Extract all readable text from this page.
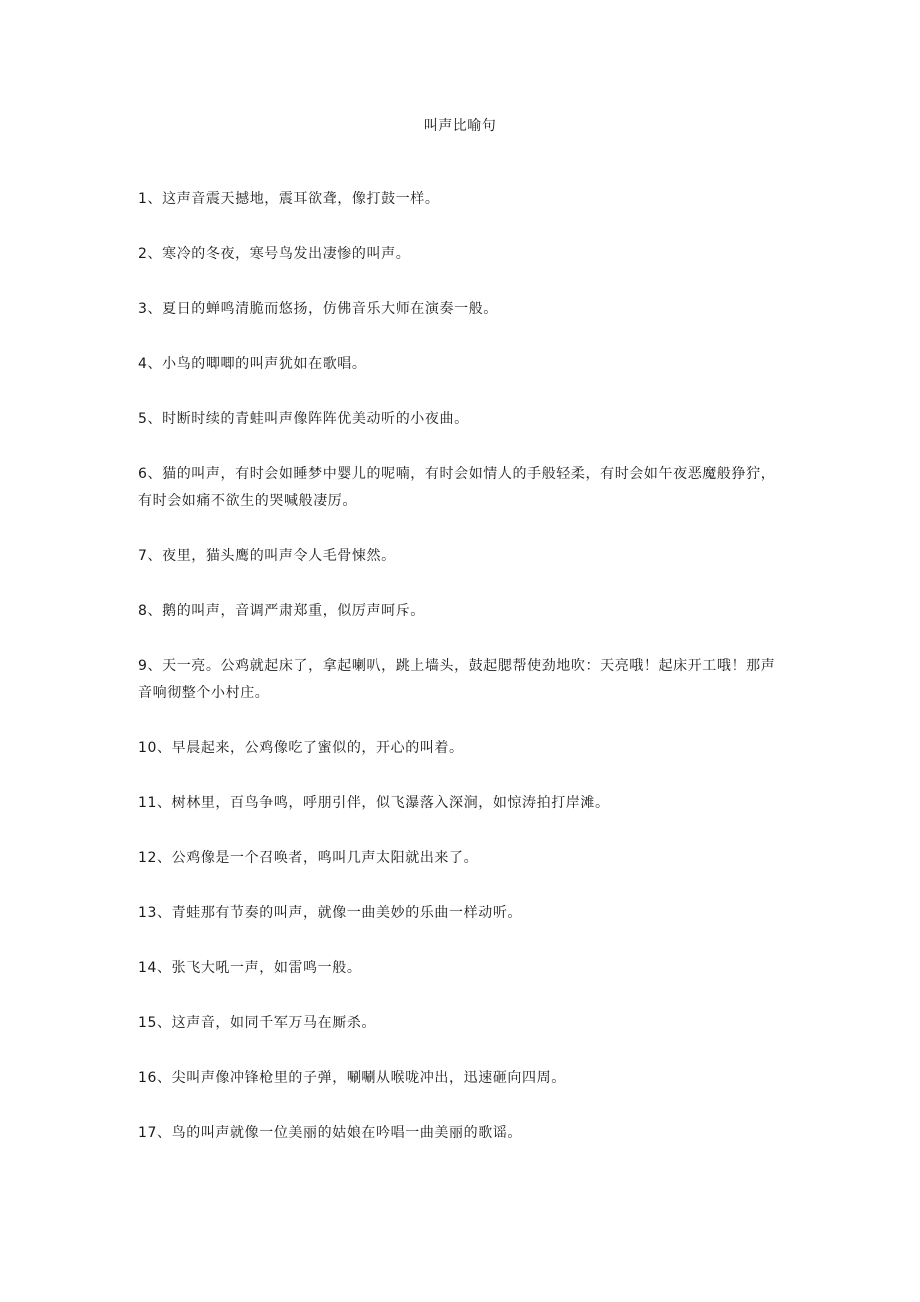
叫声比喻句
1、这声音震天撼地，震耳欲聋，像打鼓一样。
2、寒冷的冬夜，寒号鸟发出凄惨的叫声。
3、夏日的蝉鸣清脆而悠扬，仿佛音乐大师在演奏一般。
4、小鸟的唧唧的叫声犹如在歌唱。
5、时断时续的青蛙叫声像阵阵优美动听的小夜曲。
6、猫的叫声，有时会如睡梦中婴儿的呢喃，有时会如情人的手般轻柔，有时会如午夜恶魔般狰狞，有时会如痛不欲生的哭喊般凄厉。
7、夜里，猫头鹰的叫声令人毛骨悚然。
8、鹅的叫声，音调严肃郑重，似厉声呵斥。
9、天一亮。公鸡就起床了，拿起喇叭，跳上墙头，鼓起腮帮使劲地吹：天亮哦！起床开工哦！那声音响彻整个小村庄。
10、早晨起来，公鸡像吃了蜜似的，开心的叫着。
11、树林里，百鸟争鸣，呼朋引伴，似飞瀑落入深涧，如惊涛拍打岸滩。
12、公鸡像是一个召唤者，鸣叫几声太阳就出来了。
13、青蛙那有节奏的叫声，就像一曲美妙的乐曲一样动听。
14、张飞大吼一声，如雷鸣一般。
15、这声音，如同千军万马在厮杀。
16、尖叫声像冲锋枪里的子弹，唰唰从喉咙冲出，迅速砸向四周。
17、鸟的叫声就像一位美丽的姑娘在吟唱一曲美丽的歌谣。
